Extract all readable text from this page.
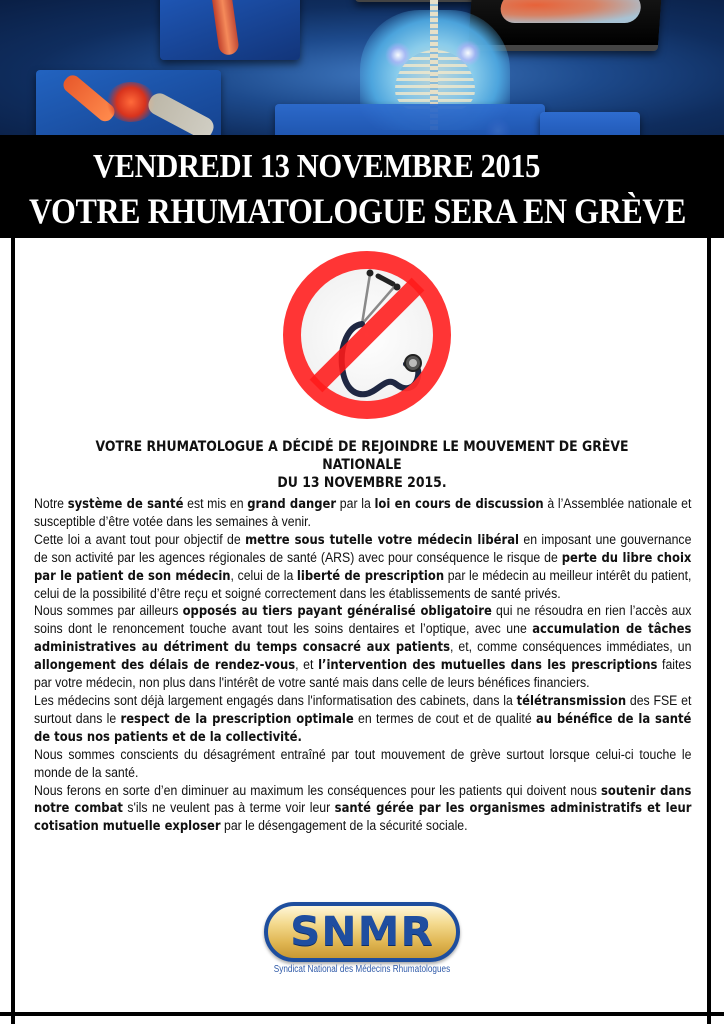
VENDREDI 13 NOVEMBRE 2015
VOTRE RHUMATOLOGUE SERA EN GRÈVE
VOTRE RHUMATOLOGUE A DÉCIDÉ DE REJOINDRE LE MOUVEMENT DE GRÈVE NATIONALE
DU 13 NOVEMBRE 2015.

Notre système de santé est mis en grand danger par la loi en cours de discussion à l’Assemblée nationale et susceptible d’être votée dans les semaines à venir.

Cette loi a avant tout pour objectif de mettre sous tutelle votre médecin libéral en imposant une gouvernance de son activité par les agences régionales de santé (ARS) avec pour conséquence le risque de perte du libre choix par le patient de son médecin, celui de la liberté de prescription par le médecin au meilleur intérêt du patient, celui de la possibilité d’être reçu et soigné correctement dans les établissements de santé privés.

Nous sommes par ailleurs opposés au tiers payant généralisé obligatoire qui ne résoudra en rien l’accès aux soins dont le renoncement touche avant tout les soins dentaires et l’optique, avec une accumulation de tâches administratives au détriment du temps consacré aux patients, et, comme conséquences immédiates, un allongement des délais de rendez-vous, et l’intervention des mutuelles dans les prescriptions faites par votre médecin, non plus dans l'intérêt de votre santé mais dans celle de leurs bénéfices financiers.

Les médecins sont déjà largement engagés dans l'informatisation des cabinets, dans la télétransmission des FSE et surtout dans le respect de la prescription optimale en termes de cout et de qualité au bénéfice de la santé de tous nos patients et de la collectivité.

Nous sommes conscients du désagrément entraîné par tout mouvement de grève surtout lorsque celui-ci touche le monde de la santé.

Nous ferons en sorte d’en diminuer au maximum les conséquences pour les patients qui doivent nous soutenir dans notre combat s'ils ne veulent pas à terme voir leur santé gérée par les organismes administratifs et leur cotisation mutuelle exploser par le désengagement de la sécurité sociale.

SNMR
Syndicat National des Médecins Rhumatologues
